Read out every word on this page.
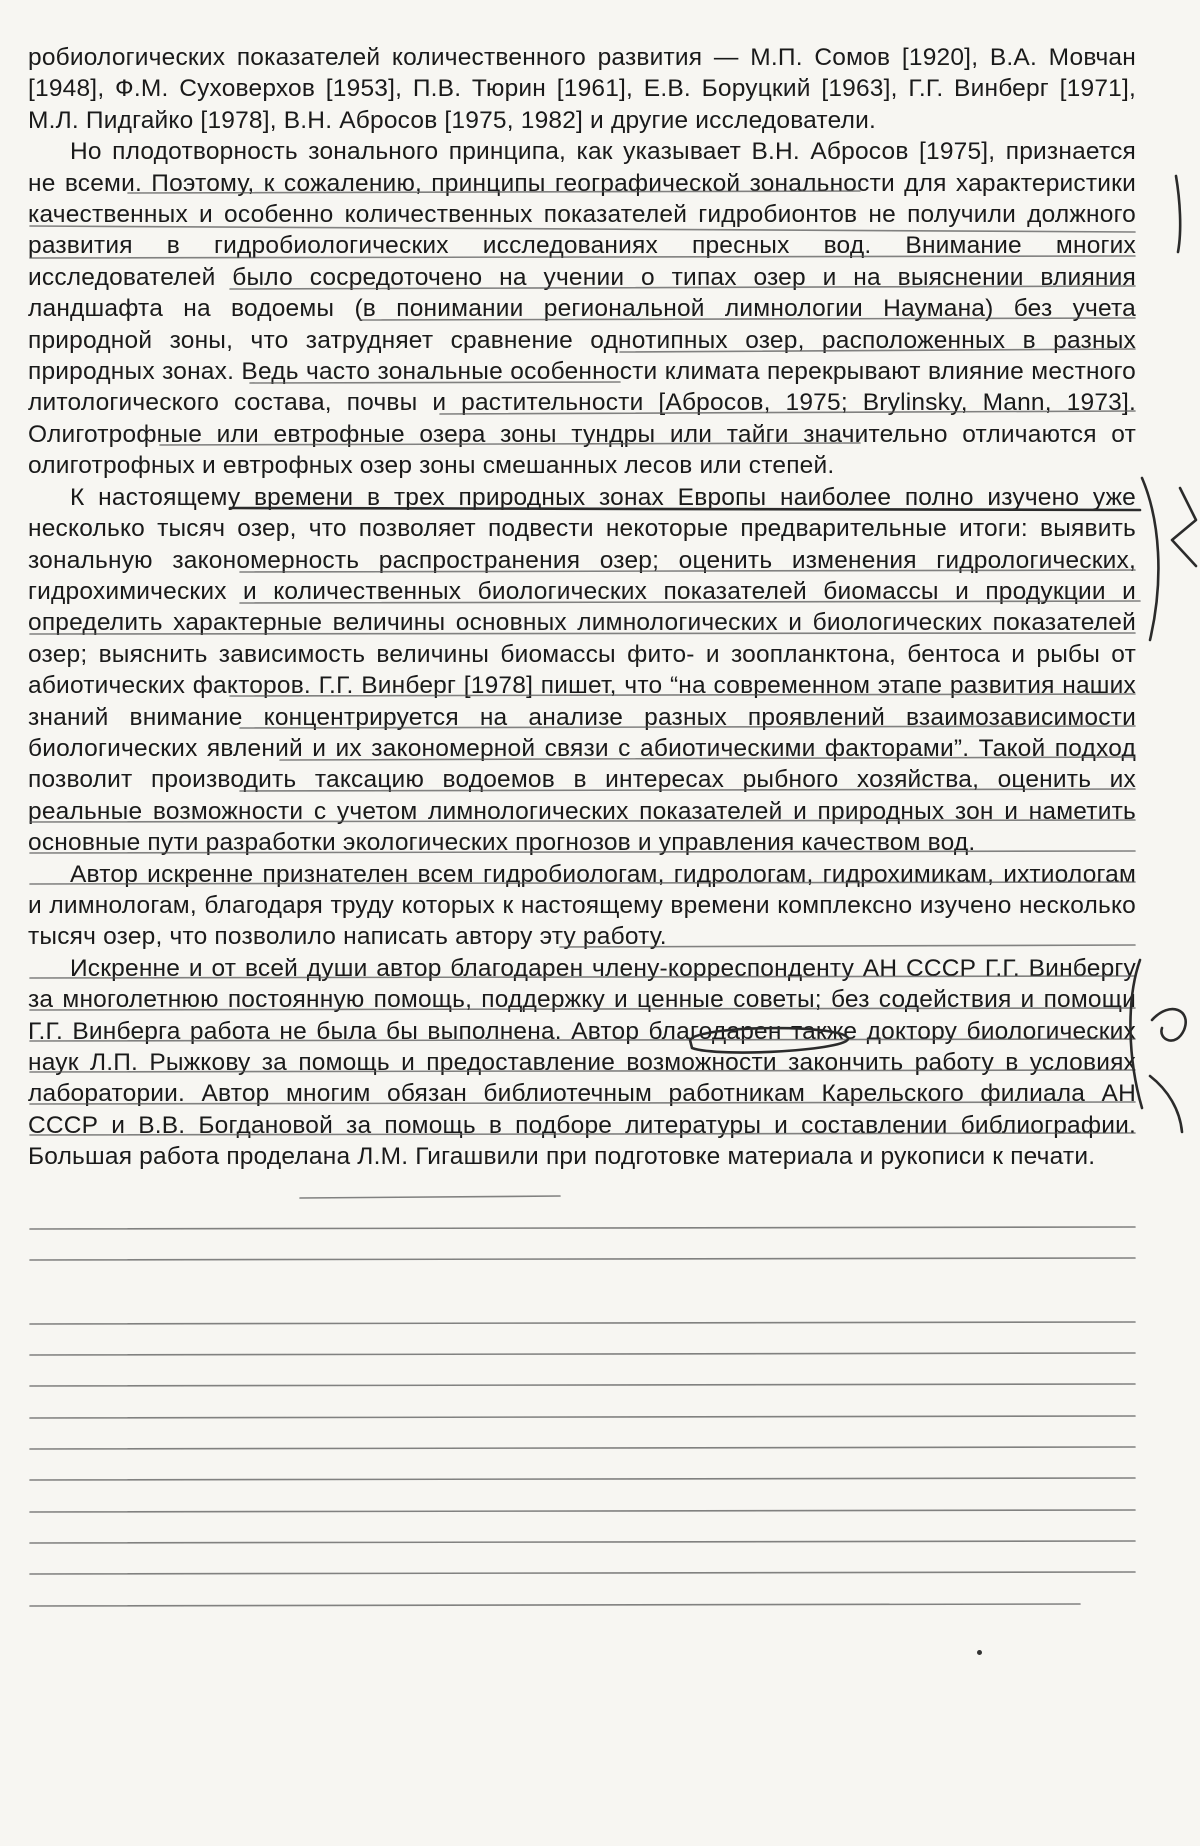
робиологических показателей количественного развития — М.П. Сомов [1920], В.А. Мовчан [1948], Ф.М. Суховерхов [1953], П.В. Тюрин [1961], Е.В. Боруцкий [1963], Г.Г. Винберг [1971], М.Л. Пидгайко [1978], В.Н. Абросов [1975, 1982] и другие исследователи.

Но плодотворность зонального принципа, как указывает В.Н. Абросов [1975], признается не всеми. Поэтому, к сожалению, принципы географической зональности для характеристики качественных и особенно количественных показателей гидробионтов не получили должного развития в гидробиологических исследованиях пресных вод. Внимание многих исследователей было сосредоточено на учении о типах озер и на выяснении влияния ландшафта на водоемы (в понимании региональной лимнологии Наумана) без учета природной зоны, что затрудняет сравнение однотипных озер, расположенных в разных природных зонах. Ведь часто зональные особенности климата перекрывают влияние местного литологического состава, почвы и растительности [Абросов, 1975; Brylinsky, Mann, 1973]. Олиготрофные или евтрофные озера зоны тундры или тайги значительно отличаются от олиготрофных и евтрофных озер зоны смешанных лесов или степей.

К настоящему времени в трех природных зонах Европы наиболее полно изучено уже несколько тысяч озер, что позволяет подвести некоторые предварительные итоги: выявить зональную закономерность распространения озер; оценить изменения гидрологических, гидрохимических и количественных биологических показателей биомассы и продукции и определить характерные величины основных лимнологических и биологических показателей озер; выяснить зависимость величины биомассы фито- и зоопланктона, бентоса и рыбы от абиотических факторов. Г.Г. Винберг [1978] пишет, что “на современном этапе развития наших знаний внимание концентрируется на анализе разных проявлений взаимозависимости биологических явлений и их закономерной связи с абиотическими факторами”. Такой подход позволит производить таксацию водоемов в интересах рыбного хозяйства, оценить их реальные возможности с учетом лимнологических показателей и природных зон и наметить основные пути разработки экологических прогнозов и управления качеством вод.

Автор искренне признателен всем гидробиологам, гидрологам, гидрохимикам, ихтиологам и лимнологам, благодаря труду которых к настоящему времени комплексно изучено несколько тысяч озер, что позволило написать автору эту работу.

Искренне и от всей души автор благодарен члену-корреспонденту АН СССР Г.Г. Винбергу за многолетнюю постоянную помощь, поддержку и ценные советы; без содействия и помощи Г.Г. Винберга работа не была бы выполнена. Автор благодарен также доктору биологических наук Л.П. Рыжкову за помощь и предоставление возможности закончить работу в условиях лаборатории. Автор многим обязан библиотечным работникам Карельского филиала АН СССР и В.В. Богдановой за помощь в подборе литературы и составлении библиографии. Большая работа проделана Л.М. Гигашвили при подготовке материала и рукописи к печати.
